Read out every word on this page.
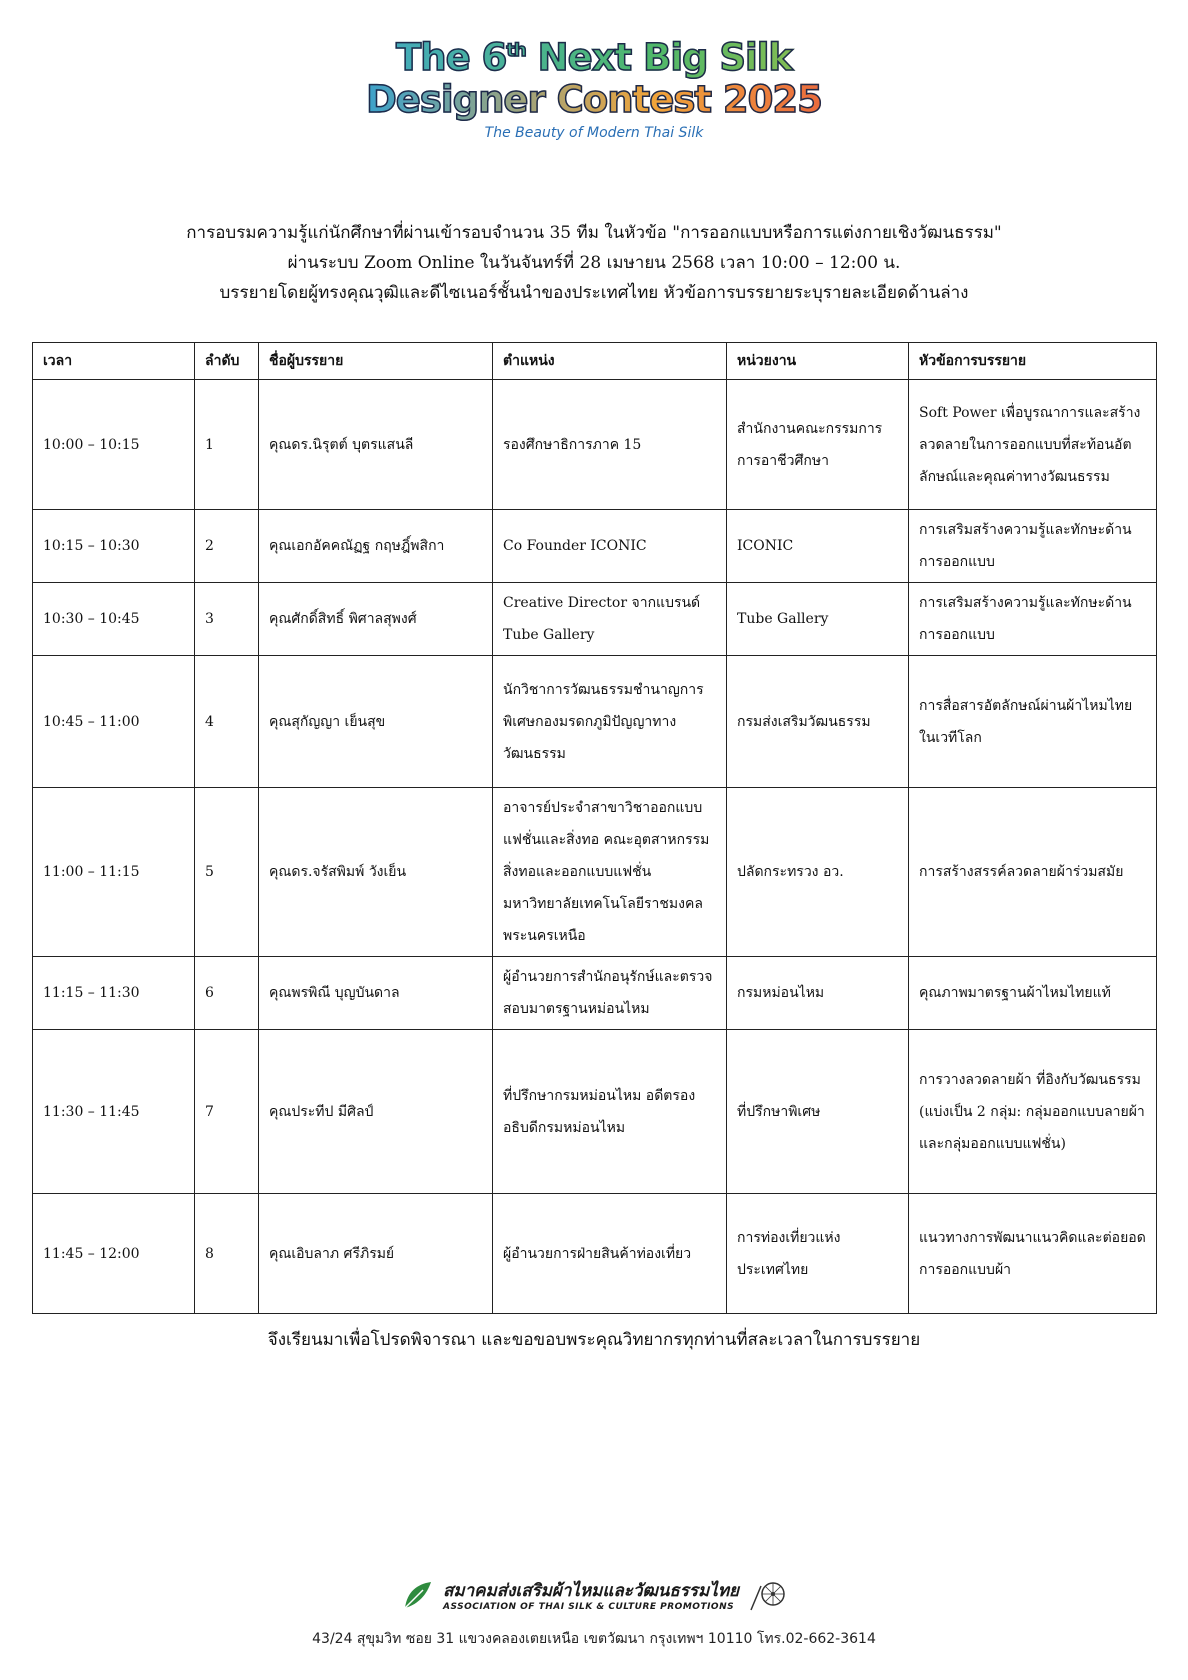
The 6th Next Big Silk
Designer Contest 2025
The Beauty of Modern Thai Silk
การอบรมความรู้แก่นักศึกษาที่ผ่านเข้ารอบจำนวน 35 ทีม ในหัวข้อ "การออกแบบหรือการแต่งกายเชิงวัฒนธรรม"
ผ่านระบบ Zoom Online ในวันจันทร์ที่ 28 เมษายน 2568 เวลา 10:00 – 12:00 น.
บรรยายโดยผู้ทรงคุณวุฒิและดีไซเนอร์ชั้นนำของประเทศไทย หัวข้อการบรรยายระบุรายละเอียดด้านล่าง
เวลา	ลำดับ	ชื่อผู้บรรยาย	ตำแหน่ง	หน่วยงาน	หัวข้อการบรรยาย
10:00 – 10:15	1	คุณดร.นิรุตต์ บุตรแสนลี	รองศึกษาธิการภาค 15	สำนักงานคณะกรรมการการอาชีวศึกษา	Soft Power เพื่อบูรณาการและสร้างลวดลายในการออกแบบที่สะท้อนอัตลักษณ์และคุณค่าทางวัฒนธรรม
10:15 – 10:30	2	คุณเอกอัคคณัฏฐ กฤษฎิ์พสิกา	Co Founder ICONIC	ICONIC	การเสริมสร้างความรู้และทักษะด้านการออกแบบ
10:30 – 10:45	3	คุณศักดิ์สิทธิ์ พิศาลสุพงศ์	Creative Director จากแบรนด์ Tube Gallery	Tube Gallery	การเสริมสร้างความรู้และทักษะด้านการออกแบบ
10:45 – 11:00	4	คุณสุกัญญา เย็นสุข	นักวิชาการวัฒนธรรมชำนาญการพิเศษกองมรดกภูมิปัญญาทางวัฒนธรรม	กรมส่งเสริมวัฒนธรรม	การสื่อสารอัตลักษณ์ผ่านผ้าไหมไทยในเวทีโลก
11:00 – 11:15	5	คุณดร.จรัสพิมพ์ วังเย็น	อาจารย์ประจำสาขาวิชาออกแบบแฟชั่นและสิ่งทอ คณะอุตสาหกรรมสิ่งทอและออกแบบแฟชั่น มหาวิทยาลัยเทคโนโลยีราชมงคลพระนครเหนือ	ปลัดกระทรวง อว.	การสร้างสรรค์ลวดลายผ้าร่วมสมัย
11:15 – 11:30	6	คุณพรพิณี บุญบันดาล	ผู้อำนวยการสำนักอนุรักษ์และตรวจสอบมาตรฐานหม่อนไหม	กรมหม่อนไหม	คุณภาพมาตรฐานผ้าไหมไทยแท้
11:30 – 11:45	7	คุณประทีป มีศิลป์	ที่ปรึกษากรมหม่อนไหม อดีตรองอธิบดีกรมหม่อนไหม	ที่ปรึกษาพิเศษ	การวางลวดลายผ้า ที่อิงกับวัฒนธรรม (แบ่งเป็น 2 กลุ่ม: กลุ่มออกแบบลายผ้า และกลุ่มออกแบบแฟชั่น)
11:45 – 12:00	8	คุณเอิบลาภ ศรีภิรมย์	ผู้อำนวยการฝ่ายสินค้าท่องเที่ยว	การท่องเที่ยวแห่งประเทศไทย	แนวทางการพัฒนาแนวคิดและต่อยอดการออกแบบผ้า
จึงเรียนมาเพื่อโปรดพิจารณา และขอขอบพระคุณวิทยากรทุกท่านที่สละเวลาในการบรรยาย
สมาคมส่งเสริมผ้าไหมและวัฒนธรรมไทย
ASSOCIATION OF THAI SILK & CULTURE PROMOTIONS
43/24 สุขุมวิท ซอย 31 แขวงคลองเตยเหนือ เขตวัฒนา กรุงเทพฯ 10110 โทร.02-662-3614
